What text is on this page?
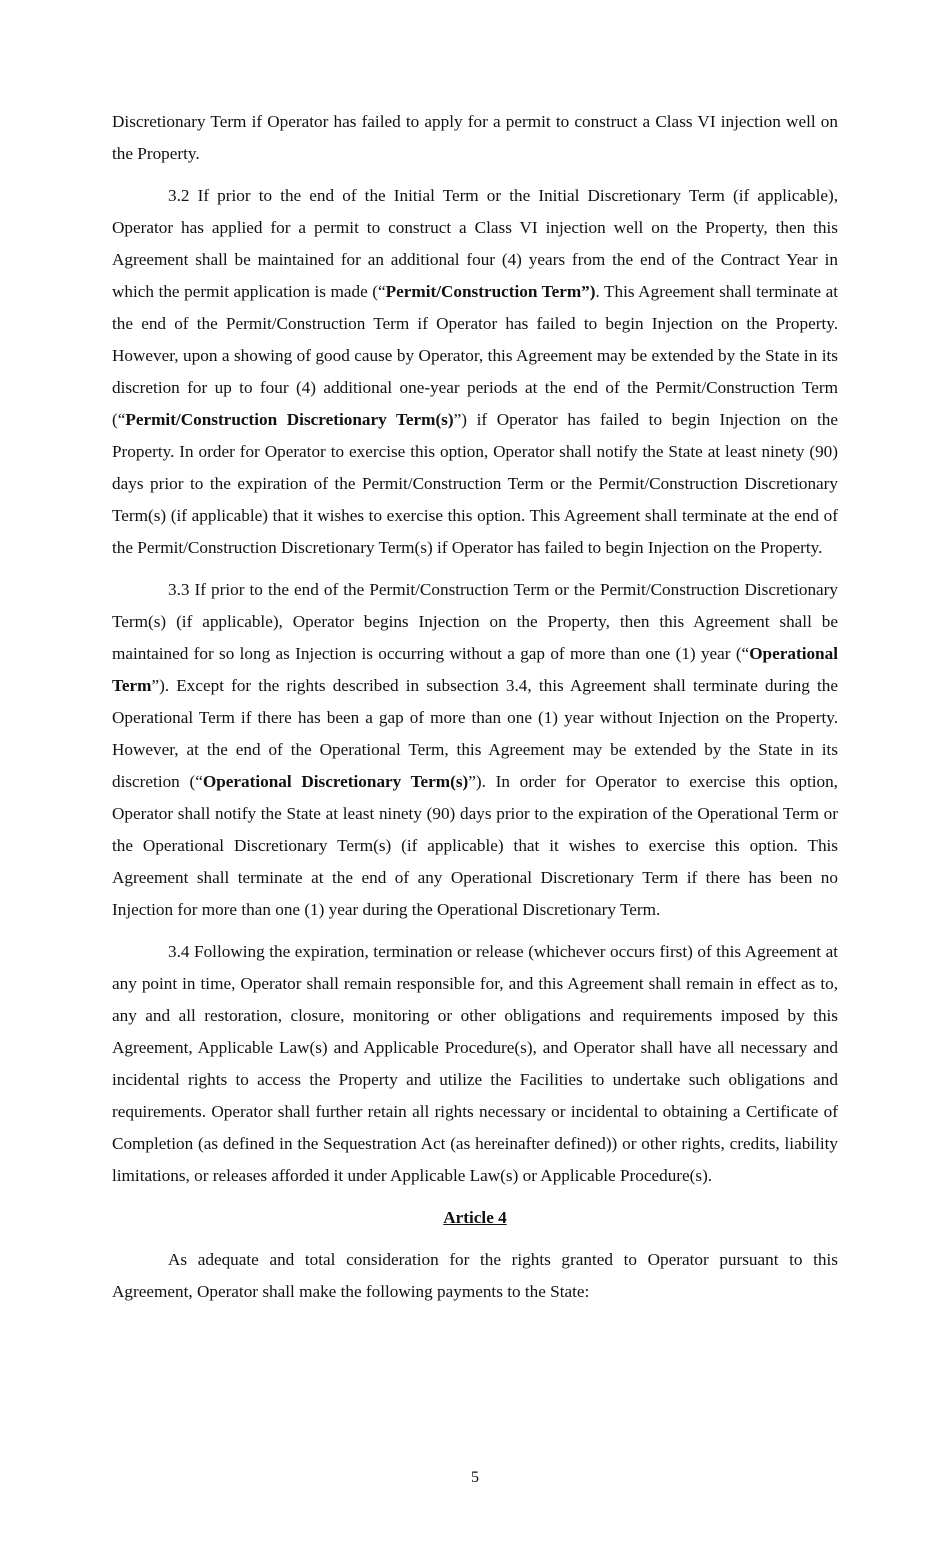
Discretionary Term if Operator has failed to apply for a permit to construct a Class VI injection well on the Property.

3.2 If prior to the end of the Initial Term or the Initial Discretionary Term (if applicable), Operator has applied for a permit to construct a Class VI injection well on the Property, then this Agreement shall be maintained for an additional four (4) years from the end of the Contract Year in which the permit application is made (“Permit/Construction Term”). This Agreement shall terminate at the end of the Permit/Construction Term if Operator has failed to begin Injection on the Property. However, upon a showing of good cause by Operator, this Agreement may be extended by the State in its discretion for up to four (4) additional one-year periods at the end of the Permit/Construction Term (“Permit/Construction Discretionary Term(s)”) if Operator has failed to begin Injection on the Property. In order for Operator to exercise this option, Operator shall notify the State at least ninety (90) days prior to the expiration of the Permit/Construction Term or the Permit/Construction Discretionary Term(s) (if applicable) that it wishes to exercise this option. This Agreement shall terminate at the end of the Permit/Construction Discretionary Term(s) if Operator has failed to begin Injection on the Property.

3.3 If prior to the end of the Permit/Construction Term or the Permit/Construction Discretionary Term(s) (if applicable), Operator begins Injection on the Property, then this Agreement shall be maintained for so long as Injection is occurring without a gap of more than one (1) year (“Operational Term”). Except for the rights described in subsection 3.4, this Agreement shall terminate during the Operational Term if there has been a gap of more than one (1) year without Injection on the Property. However, at the end of the Operational Term, this Agreement may be extended by the State in its discretion (“Operational Discretionary Term(s)”). In order for Operator to exercise this option, Operator shall notify the State at least ninety (90) days prior to the expiration of the Operational Term or the Operational Discretionary Term(s) (if applicable) that it wishes to exercise this option. This Agreement shall terminate at the end of any Operational Discretionary Term if there has been no Injection for more than one (1) year during the Operational Discretionary Term.

3.4 Following the expiration, termination or release (whichever occurs first) of this Agreement at any point in time, Operator shall remain responsible for, and this Agreement shall remain in effect as to, any and all restoration, closure, monitoring or other obligations and requirements imposed by this Agreement, Applicable Law(s) and Applicable Procedure(s), and Operator shall have all necessary and incidental rights to access the Property and utilize the Facilities to undertake such obligations and requirements. Operator shall further retain all rights necessary or incidental to obtaining a Certificate of Completion (as defined in the Sequestration Act (as hereinafter defined)) or other rights, credits, liability limitations, or releases afforded it under Applicable Law(s) or Applicable Procedure(s).

Article 4

As adequate and total consideration for the rights granted to Operator pursuant to this Agreement, Operator shall make the following payments to the State:

5
